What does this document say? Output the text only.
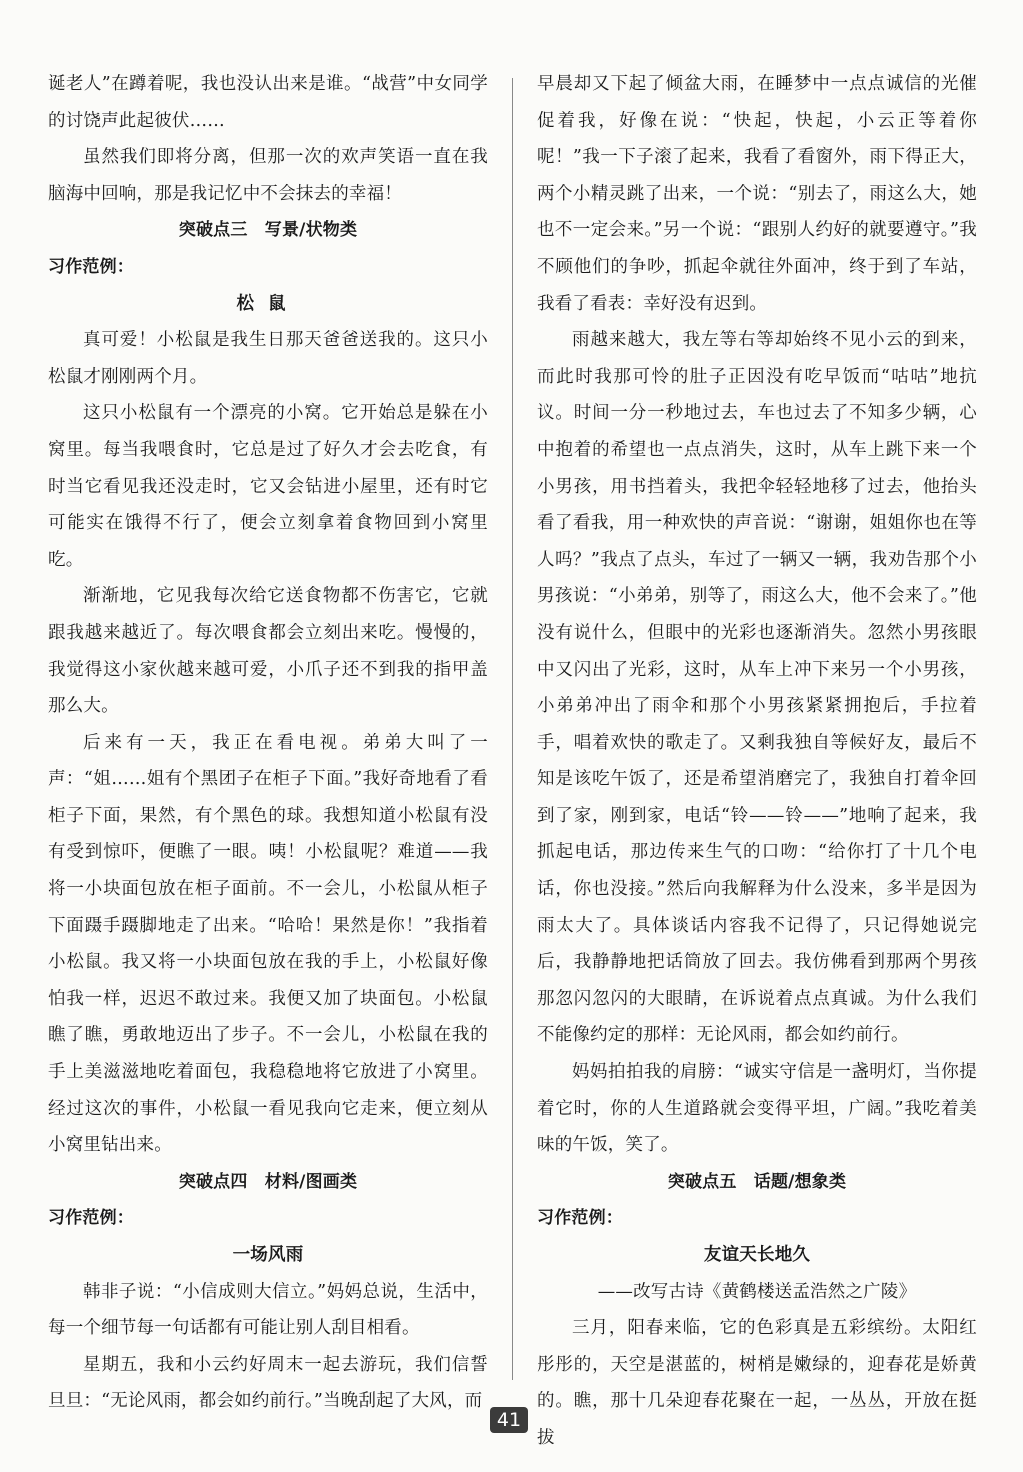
诞老人”在蹲着呢，我也没认出来是谁。“战营”中女同学的讨饶声此起彼伏……

虽然我们即将分离，但那一次的欢声笑语一直在我脑海中回响，那是我记忆中不会抹去的幸福！

突破点三　写景/状物类

习作范例：

松鼠

真可爱！小松鼠是我生日那天爸爸送我的。这只小松鼠才刚刚两个月。

这只小松鼠有一个漂亮的小窝。它开始总是躲在小窝里。每当我喂食时，它总是过了好久才会去吃食，有时当它看见我还没走时，它又会钻进小屋里，还有时它可能实在饿得不行了，便会立刻拿着食物回到小窝里吃。

渐渐地，它见我每次给它送食物都不伤害它，它就跟我越来越近了。每次喂食都会立刻出来吃。慢慢的，我觉得这小家伙越来越可爱，小爪子还不到我的指甲盖那么大。

后来有一天，我正在看电视。弟弟大叫了一声：“姐……姐有个黑团子在柜子下面。”我好奇地看了看柜子下面，果然，有个黑色的球。我想知道小松鼠有没有受到惊吓，便瞧了一眼。咦！小松鼠呢？难道——我将一小块面包放在柜子面前。不一会儿，小松鼠从柜子下面蹑手蹑脚地走了出来。“哈哈！果然是你！”我指着小松鼠。我又将一小块面包放在我的手上，小松鼠好像怕我一样，迟迟不敢过来。我便又加了块面包。小松鼠瞧了瞧，勇敢地迈出了步子。不一会儿，小松鼠在我的手上美滋滋地吃着面包，我稳稳地将它放进了小窝里。经过这次的事件，小松鼠一看见我向它走来，便立刻从小窝里钻出来。

突破点四　材料/图画类

习作范例：

一场风雨

韩非子说：“小信成则大信立。”妈妈总说，生活中，每一个细节每一句话都有可能让别人刮目相看。

星期五，我和小云约好周末一起去游玩，我们信誓旦旦：“无论风雨，都会如约前行。”当晚刮起了大风，而

早晨却又下起了倾盆大雨，在睡梦中一点点诚信的光催促着我，好像在说：“快起，快起，小云正等着你呢！”我一下子滚了起来，我看了看窗外，雨下得正大，两个小精灵跳了出来，一个说：“别去了，雨这么大，她也不一定会来。”另一个说：“跟别人约好的就要遵守。”我不顾他们的争吵，抓起伞就往外面冲，终于到了车站，我看了看表：幸好没有迟到。

雨越来越大，我左等右等却始终不见小云的到来，而此时我那可怜的肚子正因没有吃早饭而“咕咕”地抗议。时间一分一秒地过去，车也过去了不知多少辆，心中抱着的希望也一点点消失，这时，从车上跳下来一个小男孩，用书挡着头，我把伞轻轻地移了过去，他抬头看了看我，用一种欢快的声音说：“谢谢，姐姐你也在等人吗？”我点了点头，车过了一辆又一辆，我劝告那个小男孩说：“小弟弟，别等了，雨这么大，他不会来了。”他没有说什么，但眼中的光彩也逐渐消失。忽然小男孩眼中又闪出了光彩，这时，从车上冲下来另一个小男孩，小弟弟冲出了雨伞和那个小男孩紧紧拥抱后，手拉着手，唱着欢快的歌走了。又剩我独自等候好友，最后不知是该吃午饭了，还是希望消磨完了，我独自打着伞回到了家，刚到家，电话“铃——铃——”地响了起来，我抓起电话，那边传来生气的口吻：“给你打了十几个电话，你也没接。”然后向我解释为什么没来，多半是因为雨太大了。具体谈话内容我不记得了，只记得她说完后，我静静地把话筒放了回去。我仿佛看到那两个男孩那忽闪忽闪的大眼睛，在诉说着点点真诚。为什么我们不能像约定的那样：无论风雨，都会如约前行。

妈妈拍拍我的肩膀：“诚实守信是一盏明灯，当你提着它时，你的人生道路就会变得平坦，广阔。”我吃着美味的午饭，笑了。

突破点五　话题/想象类

习作范例：

友谊天长地久

——改写古诗《黄鹤楼送孟浩然之广陵》

三月，阳春来临，它的色彩真是五彩缤纷。太阳红彤彤的，天空是湛蓝的，树梢是嫩绿的，迎春花是娇黄的。瞧，那十几朵迎春花聚在一起，一丛丛，开放在挺拔

41
